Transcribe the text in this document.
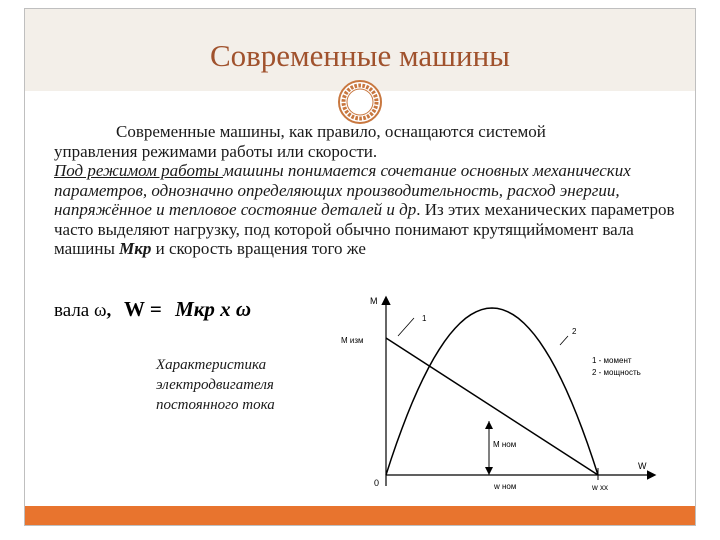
Современные машины

Современные машины, как правило, оснащаются системой

управления режимами работы или скорости.

Под режимом работы машины понимается сочетание основных механических параметров, однозначно определяющих производительность, расход энергии, напряжённое и тепловое состояние деталей и др. Из этих механических параметров часто выделяют нагрузку, под которой обычно понимают крутящиймомент вала машины Мкр и скорость вращения того же

вала ω, W = Мкр х ω
Характеристика электродвигателя постоянного тока
М
W
0
М изм
М ном
w ном	w хх
1
2
1 - момент
2 - мощность
